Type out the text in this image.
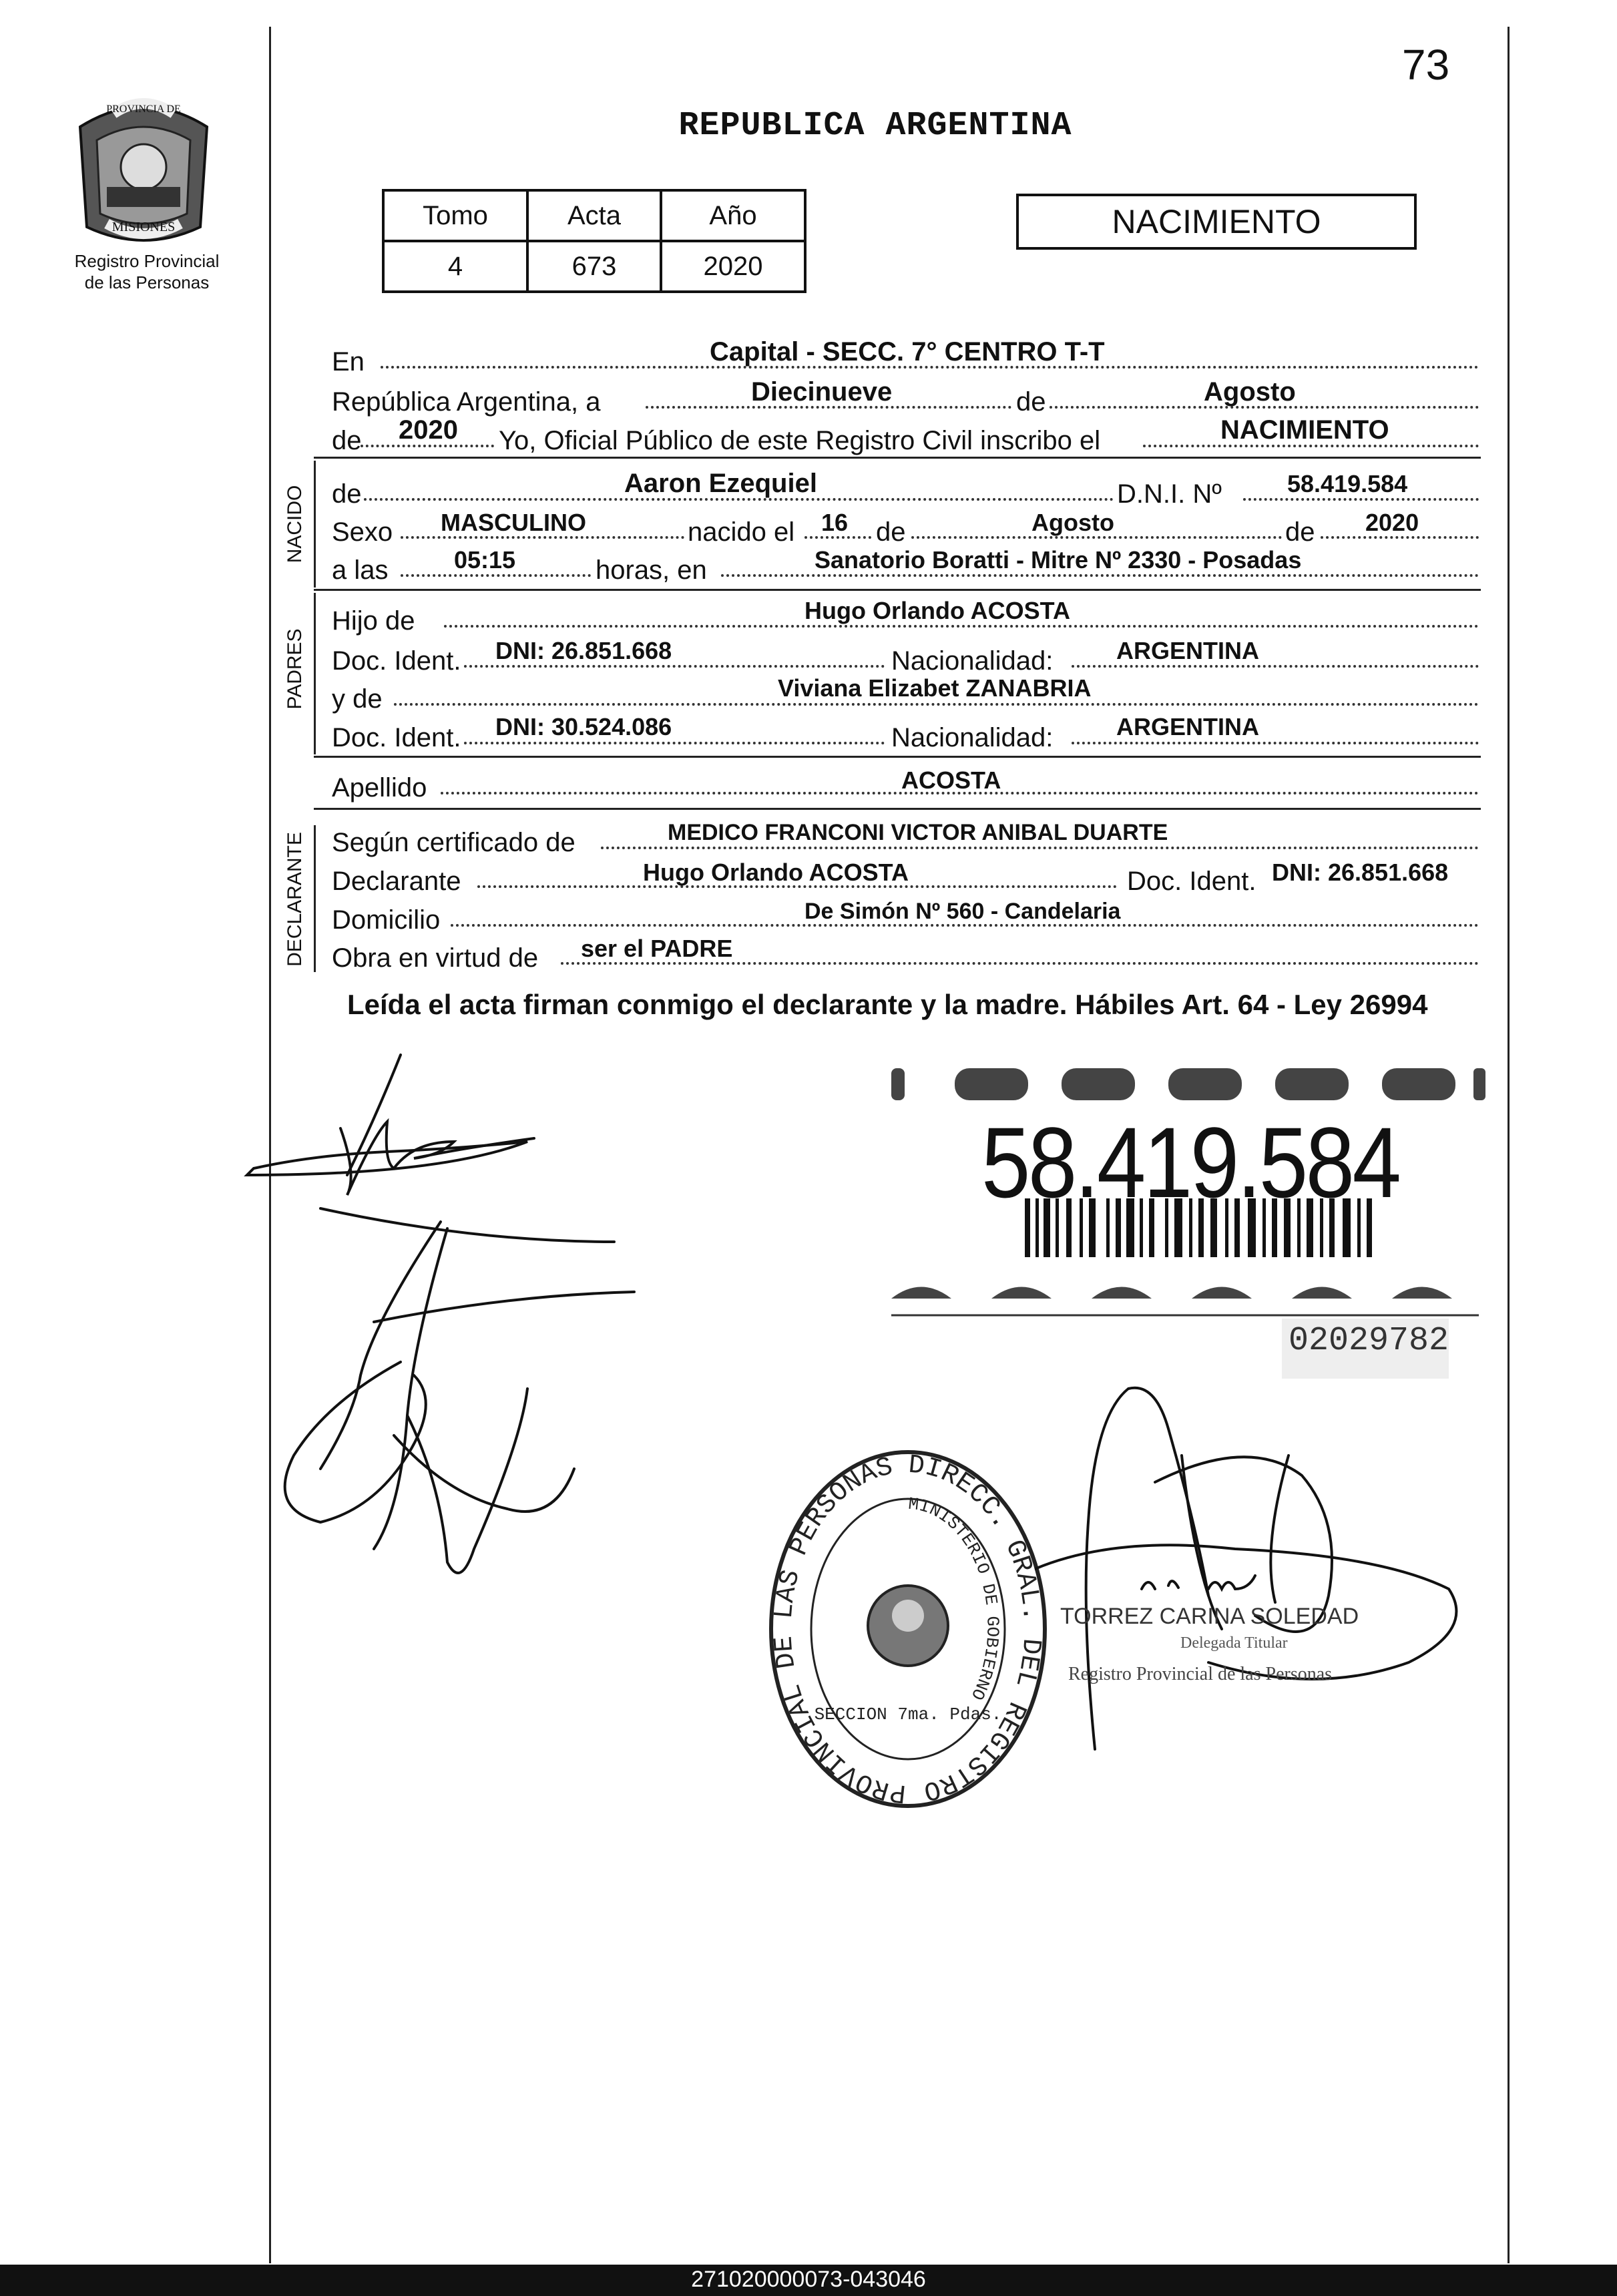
73
PROVINCIA DE
MISIONES
Registro Provincial
de las Personas
REPUBLICA ARGENTINA
Tomo	Acta	Año
4	673	2020
NACIMIENTO
En	Capital - SECC. 7° CENTRO T-T
República Argentina, a	Diecinueve	de	Agosto
de 2020 Yo, Oficial Público de este Registro Civil inscribo el	NACIMIENTO
NACIDO de	Aaron Ezequiel	D.N.I. Nº	58.419.584
Sexo MASCULINO	nacido el 16 de	Agosto	de 2020
a las	05:15	horas, en	Sanatorio Boratti - Mitre Nº 2330 - Posadas
PADRES
Hijo de	Hugo Orlando ACOSTA
Doc. Ident. DNI: 26.851.668	Nacionalidad:	ARGENTINA
y de	Viviana Elizabet ZANABRIA
Doc. Ident. DNI: 30.524.086	Nacionalidad:	ARGENTINA
Apellido	ACOSTA
DECLARANTE Según certificado de	MEDICO FRANCONI VICTOR ANIBAL DUARTE
Declarante	Hugo Orlando ACOSTA	Doc. Ident. DNI: 26.851.668
Domicilio	De Simón Nº 560 - Candelaria
Obra en virtud de ser el PADRE
Leída el acta firman conmigo el declarante y la madre. Hábiles Art. 64 - Ley 26994
58.419.584
02029782
DIRECC. GRAL. DEL REGISTRO PROVINCIAL DE LAS PERSONAS
MINISTERIO DE GOBIERNO
SECCION 7ma. Pdas.
TORREZ CARINA SOLEDAD
Delegada Titular
Registro Provincial de las Personas
271020000073-043046
